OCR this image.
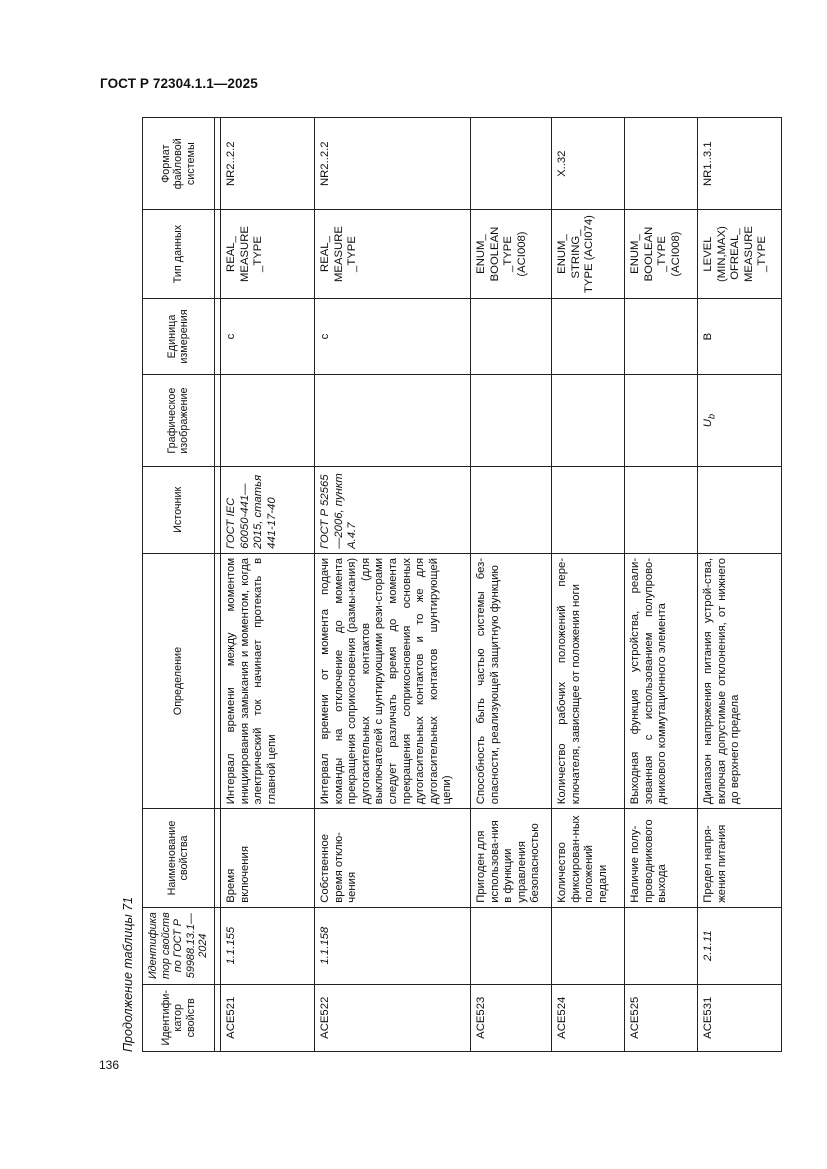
ГОСТ Р 72304.1.1—2025
136
Продолжение таблицы 71 Идентифи-катор свойств	Идентификатор свойств по ГОСТ Р 59988.13.1—2024	Наименование свойства	Определение	Источник	Графическое изображение	Единица измерения	Тип данных	Формат файловой системы

ACE521	1.1.155	Время включения	Интервал времени между моментом инициирования замыкания и моментом, когда электрический ток начинает протекать в главной цепи	ГОСТ IEC 60050-441—2015, статья 441-17-40		с	REAL_ MEASURE _TYPE	NR2..2.2
ACE522	1.1.158	Собственное время отклю-чения	Интервал времени от момента подачи команды на отключение до момента прекращения соприкосновения (размы-кания) дугогасительных контактов (для выключателей с шунтирующими рези-сторами следует различать время до момента прекращения соприкосновения основных дугогасительных контактов и то же для дугогасительных контактов шунтирующей цепи)	ГОСТ Р 52565—2006, пункт А.4.7		с	REAL_ MEASURE _TYPE	NR2..2.2
ACE523		Пригоден для использова-ния в функции управления безопасностью	Способность быть частью системы без-опасности, реализующей защитную функцию				ENUM_ BOOLEAN _TYPE (ACI008)	
ACE524		Количество фиксирован-ных положений педали	Количество рабочих положений пере-ключателя, зависящее от положения ноги				ENUM_ STRING_ TYPE (ACI074)	X..32
ACE525		Наличие полу-проводникового выхода	Выходная функция устройства, реали-зованная с использованием полупрово-дникового коммутационного элемента				ENUM_ BOOLEAN _TYPE (ACI008)	
ACE531	2.1.11	Предел напря-жения питания	Диапазон напряжения питания устрой-ства, включая допустимые отклонения, от нижнего до верхнего предела		$U_b$	В	LEVEL (MIN,MAX) OFREAL_ MEASURE _TYPE	NR1..3.1
